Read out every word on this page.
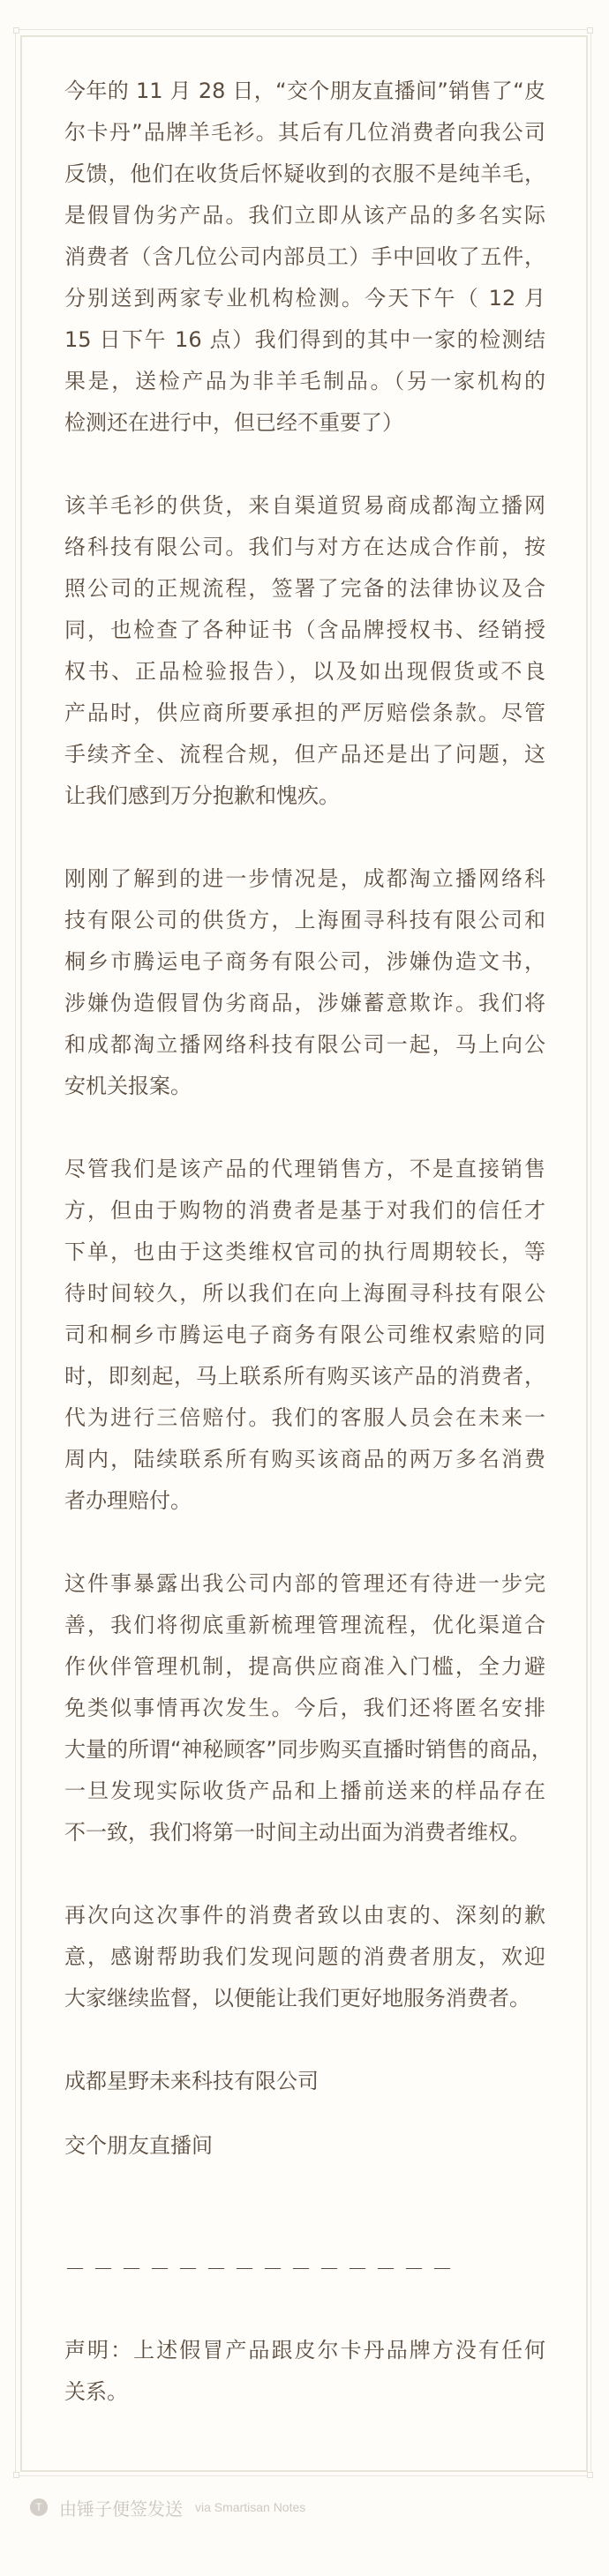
今年的 11 月 28 日，“交个朋友直播间”销售了“皮
尔卡丹”品牌羊毛衫。其后有几位消费者向我公司
反馈，他们在收货后怀疑收到的衣服不是纯羊毛，
是假冒伪劣产品。我们立即从该产品的多名实际
消费者（含几位公司内部员工）手中回收了五件，
分别送到两家专业机构检测。今天下午（ 12 月
15 日下午 16 点）我们得到的其中一家的检测结
果是，送检产品为非羊毛制品。（另一家机构的
检测还在进行中，但已经不重要了）
该羊毛衫的供货，来自渠道贸易商成都淘立播网
络科技有限公司。我们与对方在达成合作前，按
照公司的正规流程，签署了完备的法律协议及合
同，也检查了各种证书（含品牌授权书、经销授
权书、正品检验报告），以及如出现假货或不良
产品时，供应商所要承担的严厉赔偿条款。尽管
手续齐全、流程合规，但产品还是出了问题，这
让我们感到万分抱歉和愧疚。
刚刚了解到的进一步情况是，成都淘立播网络科
技有限公司的供货方，上海囿寻科技有限公司和
桐乡市腾运电子商务有限公司，涉嫌伪造文书，
涉嫌伪造假冒伪劣商品，涉嫌蓄意欺诈。我们将
和成都淘立播网络科技有限公司一起，马上向公
安机关报案。
尽管我们是该产品的代理销售方，不是直接销售
方，但由于购物的消费者是基于对我们的信任才
下单，也由于这类维权官司的执行周期较长，等
待时间较久，所以我们在向上海囿寻科技有限公
司和桐乡市腾运电子商务有限公司维权索赔的同
时，即刻起，马上联系所有购买该产品的消费者，
代为进行三倍赔付。我们的客服人员会在未来一
周内，陆续联系所有购买该商品的两万多名消费
者办理赔付。
这件事暴露出我公司内部的管理还有待进一步完
善，我们将彻底重新梳理管理流程，优化渠道合
作伙伴管理机制，提高供应商准入门槛，全力避
免类似事情再次发生。今后，我们还将匿名安排
大量的所谓“神秘顾客”同步购买直播时销售的商品，
一旦发现实际收货产品和上播前送来的样品存在
不一致，我们将第一时间主动出面为消费者维权。
再次向这次事件的消费者致以由衷的、深刻的歉
意，感谢帮助我们发现问题的消费者朋友，欢迎
大家继续监督，以便能让我们更好地服务消费者。
成都星野未来科技有限公司
交个朋友直播间
－－－－－－－－－－－－－－
声明：上述假冒产品跟皮尔卡丹品牌方没有任何
关系。
T 由锤子便签发送 via Smartisan Notes
